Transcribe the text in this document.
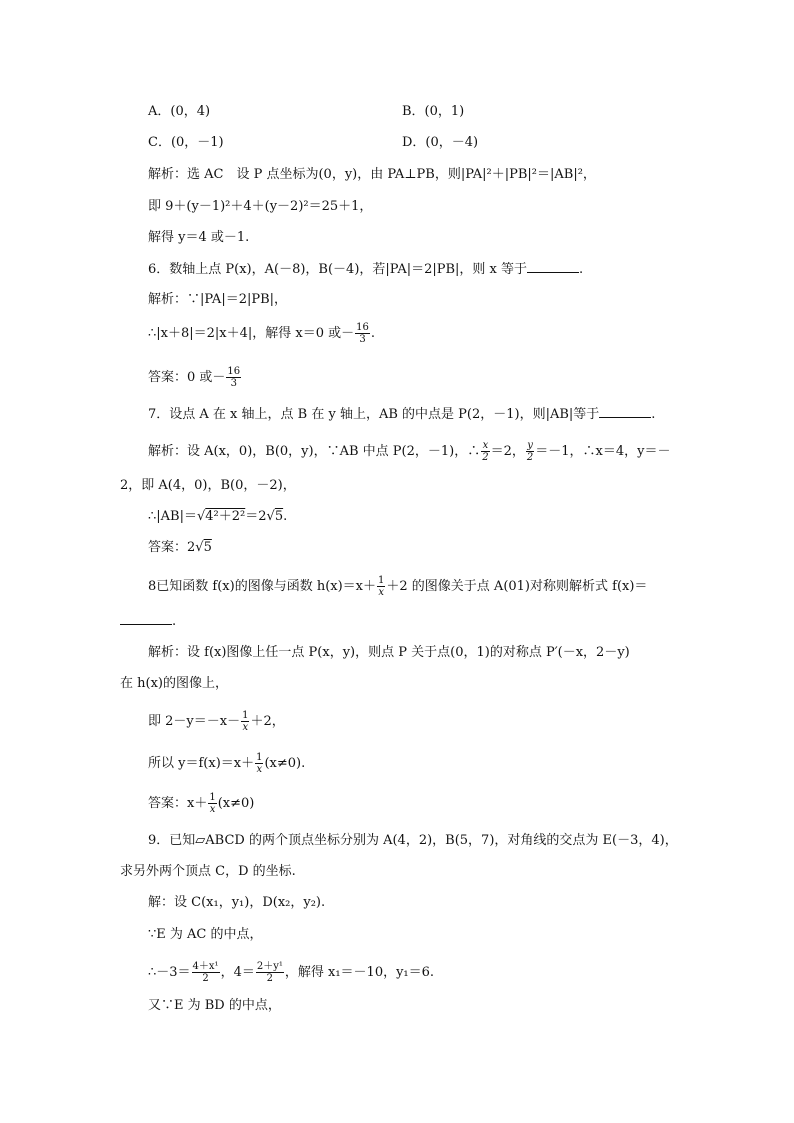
A．(0，4)	B．(0，1)
C．(0，－1)	D．(0，－4)
解析：选 AC　设 P 点坐标为(0，y)，由 PA⊥PB，则|PA|²＋|PB|²＝|AB|²，
即 9＋(y－1)²＋4＋(y－2)²＝25＋1，
解得 y＝4 或－1.
6．数轴上点 P(x)，A(－8)，B(－4)，若|PA|＝2|PB|，则 x 等于	.
解析：∵|PA|＝2|PB|，
∴|x＋8|＝2|x＋4|，解得 x＝0 或－ $\frac{16}{3}$ .
答案：0 或－ $\frac{16}{3}$
7．设点 A 在 x 轴上，点 B 在 y 轴上，AB 的中点是 P(2，－1)，则|AB|等于	.
解析：设 A(x，0)，B(0，y)，∵AB 中点 P(2，－1)，∴ $\frac{x}{2} =2$， $\frac{y}{2} =-1$，∴x＝4，y＝－
2，即 A(4，0)，B(0，－2)，
∴|AB|＝√4²＋2²＝2√5.
答案：2√5
8已知函数 f(x)的图像与函数 $h(x)=x+ \frac{1}{x} +2$ 的图像关于点 A(01)对称则解析式 f(x)＝
.
解析：设 f(x)图像上任一点 P(x，y)，则点 P 关于点(0，1)的对称点 P′(－x，2－y)
在 h(x)的图像上，
即 $2-y=-x- \frac{1}{x} +2$，
所以 $y=f(x)=x+ \frac{1}{x} (x\ne 0)$.
答案：$x+ \frac{1}{x} (x\ne 0)$
9．已知▱ABCD 的两个顶点坐标分别为 A(4，2)，B(5，7)，对角线的交点为 E(－3，4)，
求另外两个顶点 C，D 的坐标.
解：设 C(x₁，y₁)，D(x₂，y₂).
∵E 为 AC 的中点，
∴－3＝ $\frac{\text{4＋x¹}}{2}$ ，$4= \frac{\text{2＋y¹}}{2}$ ，解得 x₁＝－10，y₁＝6.
又∵E 为 BD 的中点，
